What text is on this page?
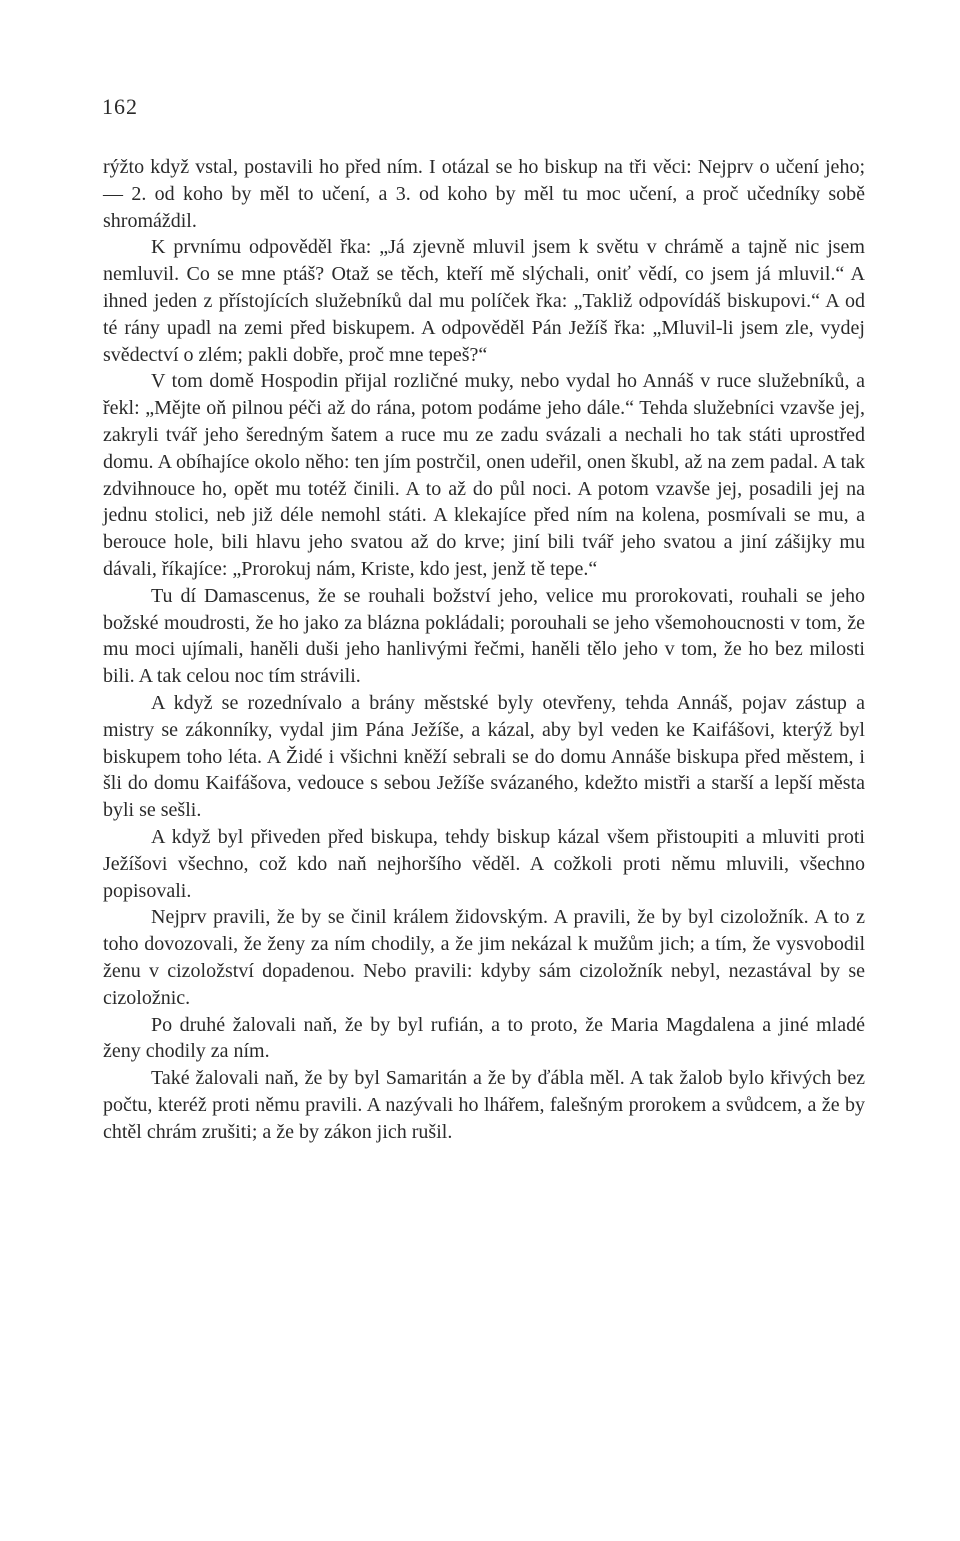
162

rýžto když vstal, postavili ho před ním. I otázal se ho biskup na tři věci: Nejprv o učení jeho; — 2. od koho by měl to učení, a 3. od koho by měl tu moc učení, a proč učedníky sobě shromáždil.

K prvnímu odpověděl řka: „Já zjevně mluvil jsem k světu v chrámě a tajně nic jsem nemluvil. Co se mne ptáš? Otaž se těch, kteří mě slýchali, oniť vědí, co jsem já mluvil.“ A ihned jeden z přístojících služebníků dal mu políček řka: „Takliž odpovídáš biskupovi.“ A od té rány upadl na zemi před biskupem. A odpověděl Pán Ježíš řka: „Mluvil-li jsem zle, vydej svědectví o zlém; pakli dobře, proč mne tepeš?“

V tom domě Hospodin přijal rozličné muky, nebo vydal ho Annáš v ruce služebníků, a řekl: „Mějte oň pilnou péči až do rána, potom podáme jeho dále.“ Tehda služebníci vzavše jej, zakryli tvář jeho šeredným šatem a ruce mu ze zadu svázali a nechali ho tak státi uprostřed domu. A obíhajíce okolo něho: ten jím postrčil, onen udeřil, onen škubl, až na zem padal. A tak zdvihnouce ho, opět mu totéž činili. A to až do půl noci. A potom vzavše jej, posadili jej na jednu stolici, neb již déle nemohl státi. A klekajíce před ním na kolena, posmívali se mu, a berouce hole, bili hlavu jeho svatou až do krve; jiní bili tvář jeho svatou a jiní zášijky mu dávali, říkajíce: „Prorokuj nám, Kriste, kdo jest, jenž tě tepe.“

Tu dí Damascenus, že se rouhali božství jeho, velice mu prorokovati, rouhali se jeho božské moudrosti, že ho jako za blázna pokládali; porouhali se jeho všemohoucnosti v tom, že mu moci ujímali, haněli duši jeho hanlivými řečmi, haněli tělo jeho v tom, že ho bez milosti bili. A tak celou noc tím strávili.

A když se rozednívalo a brány městské byly otevřeny, tehda Annáš, pojav zástup a mistry se zákonníky, vydal jim Pána Ježíše, a kázal, aby byl veden ke Kaifášovi, kterýž byl biskupem toho léta. A Židé i všichni kněží sebrali se do domu Annáše biskupa před městem, i šli do domu Kaifášova, vedouce s sebou Ježíše svázaného, kdežto mistři a starší a lepší města byli se sešli.

A když byl přiveden před biskupa, tehdy biskup kázal všem přistoupiti a mluviti proti Ježíšovi všechno, což kdo naň nejhoršího věděl. A cožkoli proti němu mluvili, všechno popisovali.

Nejprv pravili, že by se činil králem židovským. A pravili, že by byl cizoložník. A to z toho dovozovali, že ženy za ním chodily, a že jim nekázal k mužům jich; a tím, že vysvobodil ženu v cizoložství dopadenou. Nebo pravili: kdyby sám cizoložník nebyl, nezastával by se cizoložnic.

Po druhé žalovali naň, že by byl rufián, a to proto, že Maria Magdalena a jiné mladé ženy chodily za ním.

Také žalovali naň, že by byl Samaritán a že by ďábla měl. A tak žalob bylo křivých bez počtu, kteréž proti němu pravili. A nazývali ho lhářem, falešným prorokem a svůdcem, a že by chtěl chrám zrušiti; a že by zákon jich rušil.
